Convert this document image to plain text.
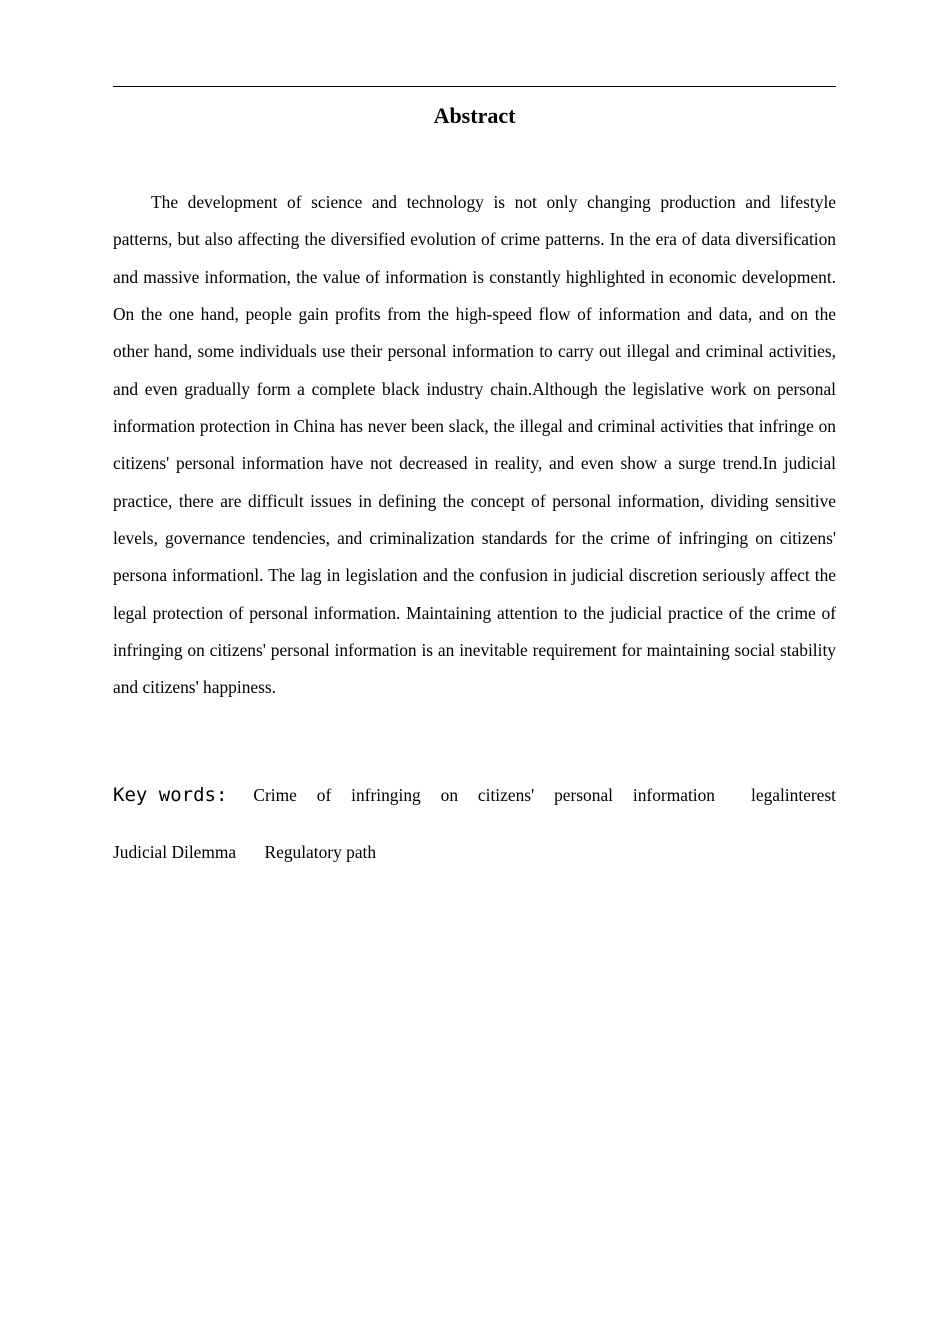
Abstract

The development of science and technology is not only changing production and lifestyle patterns, but also affecting the diversified evolution of crime patterns. In the era of data diversification and massive information, the value of information is constantly highlighted in economic development. On the one hand, people gain profits from the high-speed flow of information and data, and on the other hand, some individuals use their personal information to carry out illegal and criminal activities, and even gradually form a complete black industry chain.Although the legislative work on personal information protection in China has never been slack, the illegal and criminal activities that infringe on citizens' personal information have not decreased in reality, and even show a surge trend.In judicial practice, there are difficult issues in defining the concept of personal information, dividing sensitive levels, governance tendencies, and criminalization standards for the crime of infringing on citizens' persona informationl. The lag in legislation and the confusion in judicial discretion seriously affect the legal protection of personal information. Maintaining attention to the judicial practice of the crime of infringing on citizens' personal information is an inevitable requirement for maintaining social stability and citizens' happiness.

Key words: Crime of infringing on citizens' personal information legalinterest
Judicial Dilemma Regulatory path
